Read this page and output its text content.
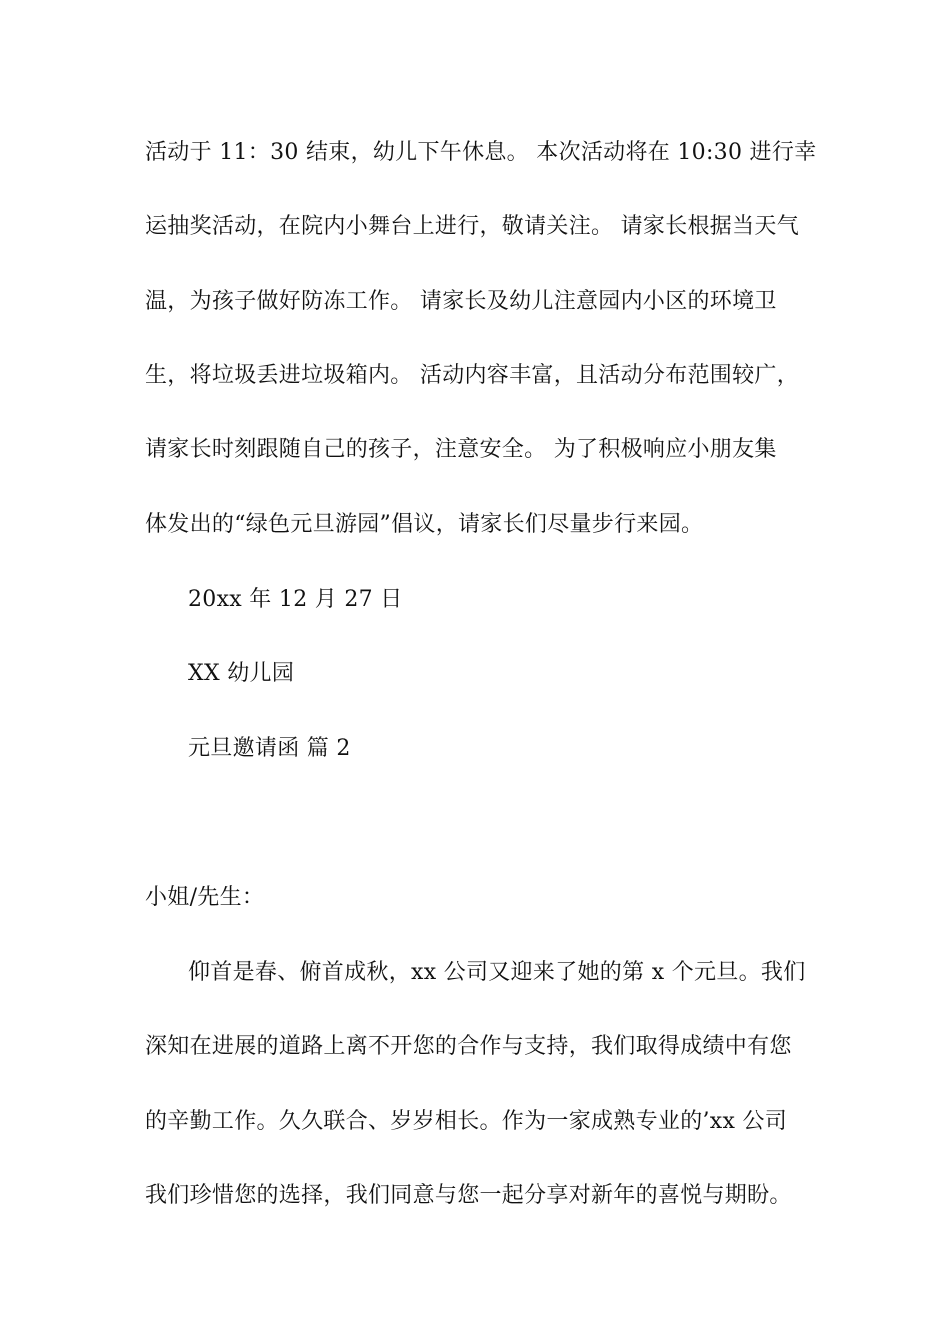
活动于 11：30 结束，幼儿下午休息。 本次活动将在 10:30 进行幸
运抽奖活动，在院内小舞台上进行，敬请关注。 请家长根据当天气
温，为孩子做好防冻工作。 请家长及幼儿注意园内小区的环境卫
生，将垃圾丢进垃圾箱内。 活动内容丰富，且活动分布范围较广，
请家长时刻跟随自己的孩子，注意安全。 为了积极响应小朋友集
体发出的“绿色元旦游园”倡议，请家长们尽量步行来园。
20xx 年 12 月 27 日
XX 幼儿园
元旦邀请函 篇 2
小姐/先生：
仰首是春、俯首成秋，xx 公司又迎来了她的第 x 个元旦。我们
深知在进展的道路上离不开您的合作与支持，我们取得成绩中有您
的辛勤工作。久久联合、岁岁相长。作为一家成熟专业的’xx 公司
我们珍惜您的选择，我们同意与您一起分享对新年的喜悦与期盼。
